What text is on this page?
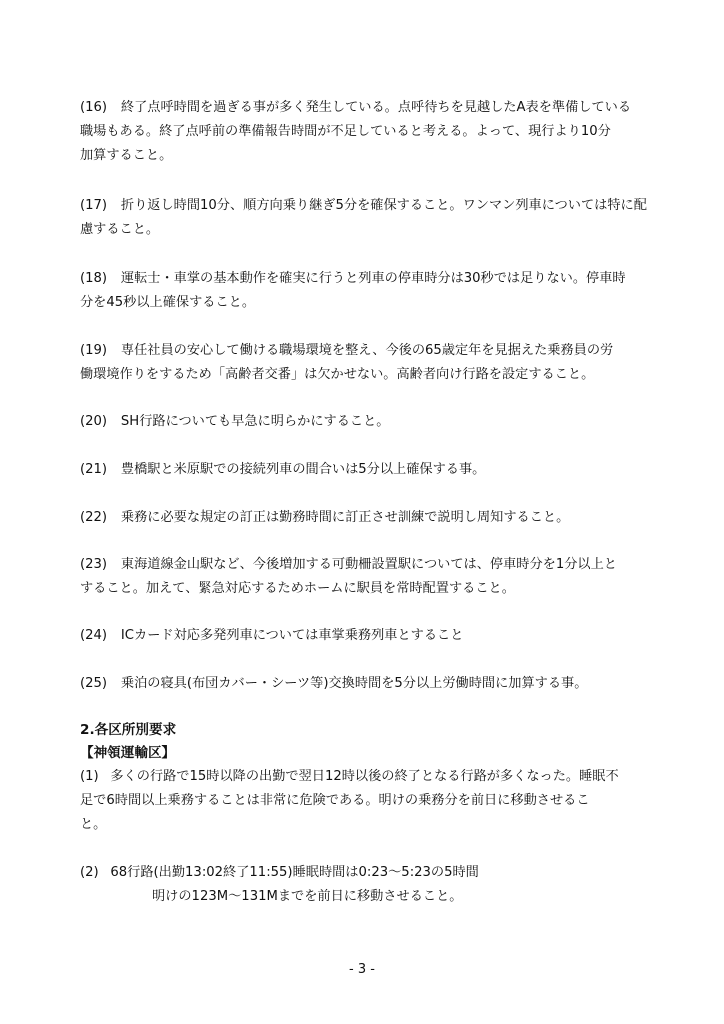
(16) 終了点呼時間を過ぎる事が多く発生している。点呼待ちを見越したA表を準備している
職場もある。終了点呼前の準備報告時間が不足していると考える。よって、現行より10分
加算すること。
(17) 折り返し時間10分、順方向乗り継ぎ5分を確保すること。ワンマン列車については特に配
慮すること。
(18) 運転士・車掌の基本動作を確実に行うと列車の停車時分は30秒では足りない。停車時
分を45秒以上確保すること。
(19) 専任社員の安心して働ける職場環境を整え、今後の65歳定年を見据えた乗務員の労
働環境作りをするため「高齢者交番」は欠かせない。高齢者向け行路を設定すること。
(20) SH行路についても早急に明らかにすること。
(21) 豊橋駅と米原駅での接続列車の間合いは5分以上確保する事。
(22) 乗務に必要な規定の訂正は勤務時間に訂正させ訓練で説明し周知すること。
(23) 東海道線金山駅など、今後増加する可動柵設置駅については、停車時分を1分以上と
すること。加えて、緊急対応するためホームに駅員を常時配置すること。
(24) ICカード対応多発列車については車掌乗務列車とすること
(25) 乗泊の寝具(布団カバー・シーツ等)交換時間を5分以上労働時間に加算する事。
2.各区所別要求
【神領運輸区】
(1) 多くの行路で15時以降の出勤で翌日12時以後の終了となる行路が多くなった。睡眠不
足で6時間以上乗務することは非常に危険である。明けの乗務分を前日に移動させるこ
と。
(2) 68行路(出勤13:02終了11:55)睡眠時間は0:23〜5:23の5時間
明けの123M〜131Mまでを前日に移動させること。
- 3 -
